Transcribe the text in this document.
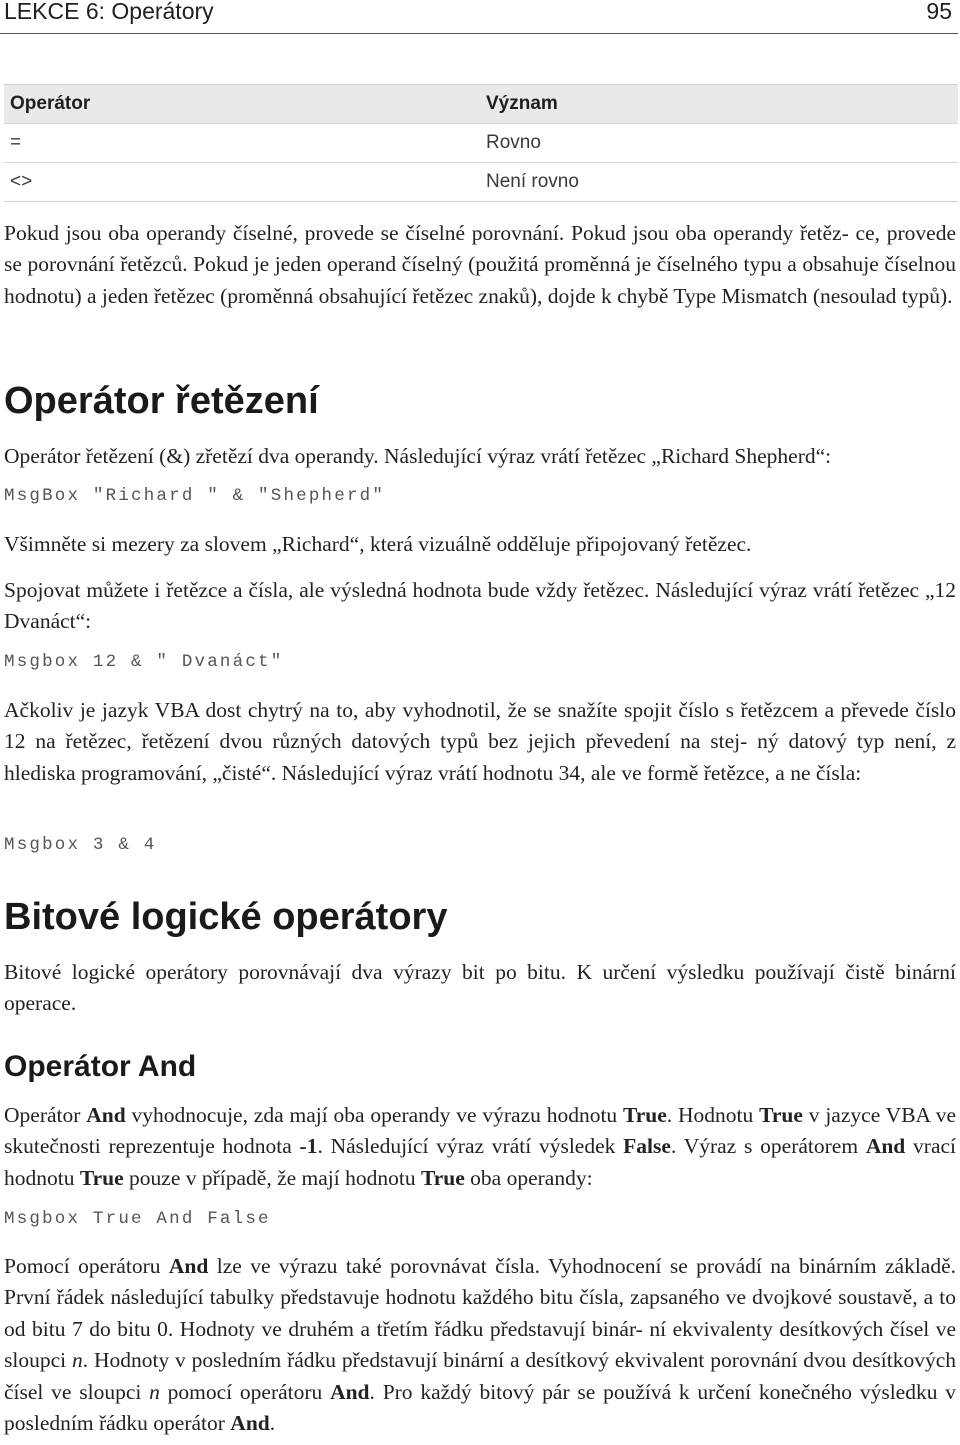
LEKCE 6: Operátory	95
Operátor	Význam
=	Rovno
<>	Není rovno

Pokud jsou oba operandy číselné, provede se číselné porovnání. Pokud jsou oba operandy řetěz- ce, provede se porovnání řetězců. Pokud je jeden operand číselný (použitá proměnná je číselného typu a obsahuje číselnou hodnotu) a jeden řetězec (proměnná obsahující řetězec znaků), dojde k chybě Type Mismatch (nesoulad typů).

Operátor řetězení

Operátor řetězení (&) zřetězí dva operandy. Následující výraz vrátí řetězec „Richard Shepherd“:

MsgBox "Richard " & "Shepherd"

Všimněte si mezery za slovem „Richard“, která vizuálně odděluje připojovaný řetězec.

Spojovat můžete i řetězce a čísla, ale výsledná hodnota bude vždy řetězec. Následující výraz vrátí řetězec „12 Dvanáct“:

Msgbox 12 & " Dvanáct"

Ačkoliv je jazyk VBA dost chytrý na to, aby vyhodnotil, že se snažíte spojit číslo s řetězcem a převede číslo 12 na řetězec, řetězení dvou různých datových typů bez jejich převedení na stej- ný datový typ není, z hlediska programování, „čisté“. Následující výraz vrátí hodnotu 34, ale ve formě řetězce, a ne čísla:

Msgbox 3 & 4
Bitové logické operátory

Bitové logické operátory porovnávají dva výrazy bit po bitu. K určení výsledku používají čistě binární operace.

Operátor And

Operátor And vyhodnocuje, zda mají oba operandy ve výrazu hodnotu True. Hodnotu True v jazyce VBA ve skutečnosti reprezentuje hodnota -1. Následující výraz vrátí výsledek False. Výraz s operátorem And vrací hodnotu True pouze v případě, že mají hodnotu True oba operandy:

Msgbox True And False

Pomocí operátoru And lze ve výrazu také porovnávat čísla. Vyhodnocení se provádí na binárním základě. První řádek následující tabulky představuje hodnotu každého bitu čísla, zapsaného ve dvojkové soustavě, a to od bitu 7 do bitu 0. Hodnoty ve druhém a třetím řádku představují binár- ní ekvivalenty desítkových čísel ve sloupci n. Hodnoty v posledním řádku představují binární a desítkový ekvivalent porovnání dvou desítkových čísel ve sloupci n pomocí operátoru And. Pro každý bitový pár se používá k určení konečného výsledku v posledním řádku operátor And.
